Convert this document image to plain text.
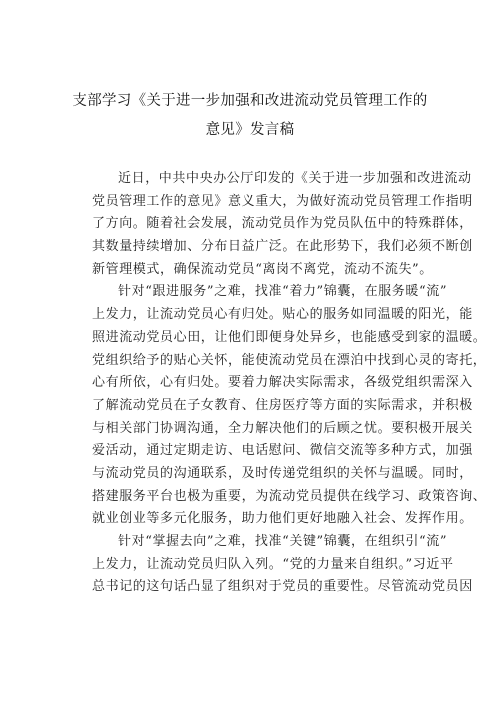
支部学习《关于进一步加强和改进流动党员管理工作的
意见》发言稿
近日，中共中央办公厅印发的《关于进一步加强和改进流动
党员管理工作的意见》意义重大，为做好流动党员管理工作指明
了方向。随着社会发展，流动党员作为党员队伍中的特殊群体，
其数量持续增加、分布日益广泛。在此形势下，我们必须不断创
新管理模式，确保流动党员“离岗不离党，流动不流失”。
针对“跟进服务”之难，找准“着力”锦囊，在服务暖“流”
上发力，让流动党员心有归处。贴心的服务如同温暖的阳光，能
照进流动党员心田，让他们即便身处异乡，也能感受到家的温暖。
党组织给予的贴心关怀，能使流动党员在漂泊中找到心灵的寄托，
心有所依，心有归处。要着力解决实际需求，各级党组织需深入
了解流动党员在子女教育、住房医疗等方面的实际需求，并积极
与相关部门协调沟通，全力解决他们的后顾之忧。要积极开展关
爱活动，通过定期走访、电话慰问、微信交流等多种方式，加强
与流动党员的沟通联系，及时传递党组织的关怀与温暖。同时，
搭建服务平台也极为重要，为流动党员提供在线学习、政策咨询、
就业创业等多元化服务，助力他们更好地融入社会、发挥作用。
针对“掌握去向”之难，找准“关键”锦囊，在组织引“流”
上发力，让流动党员归队入列。“党的力量来自组织。”习近平
总书记的这句话凸显了组织对于党员的重要性。尽管流动党员因
